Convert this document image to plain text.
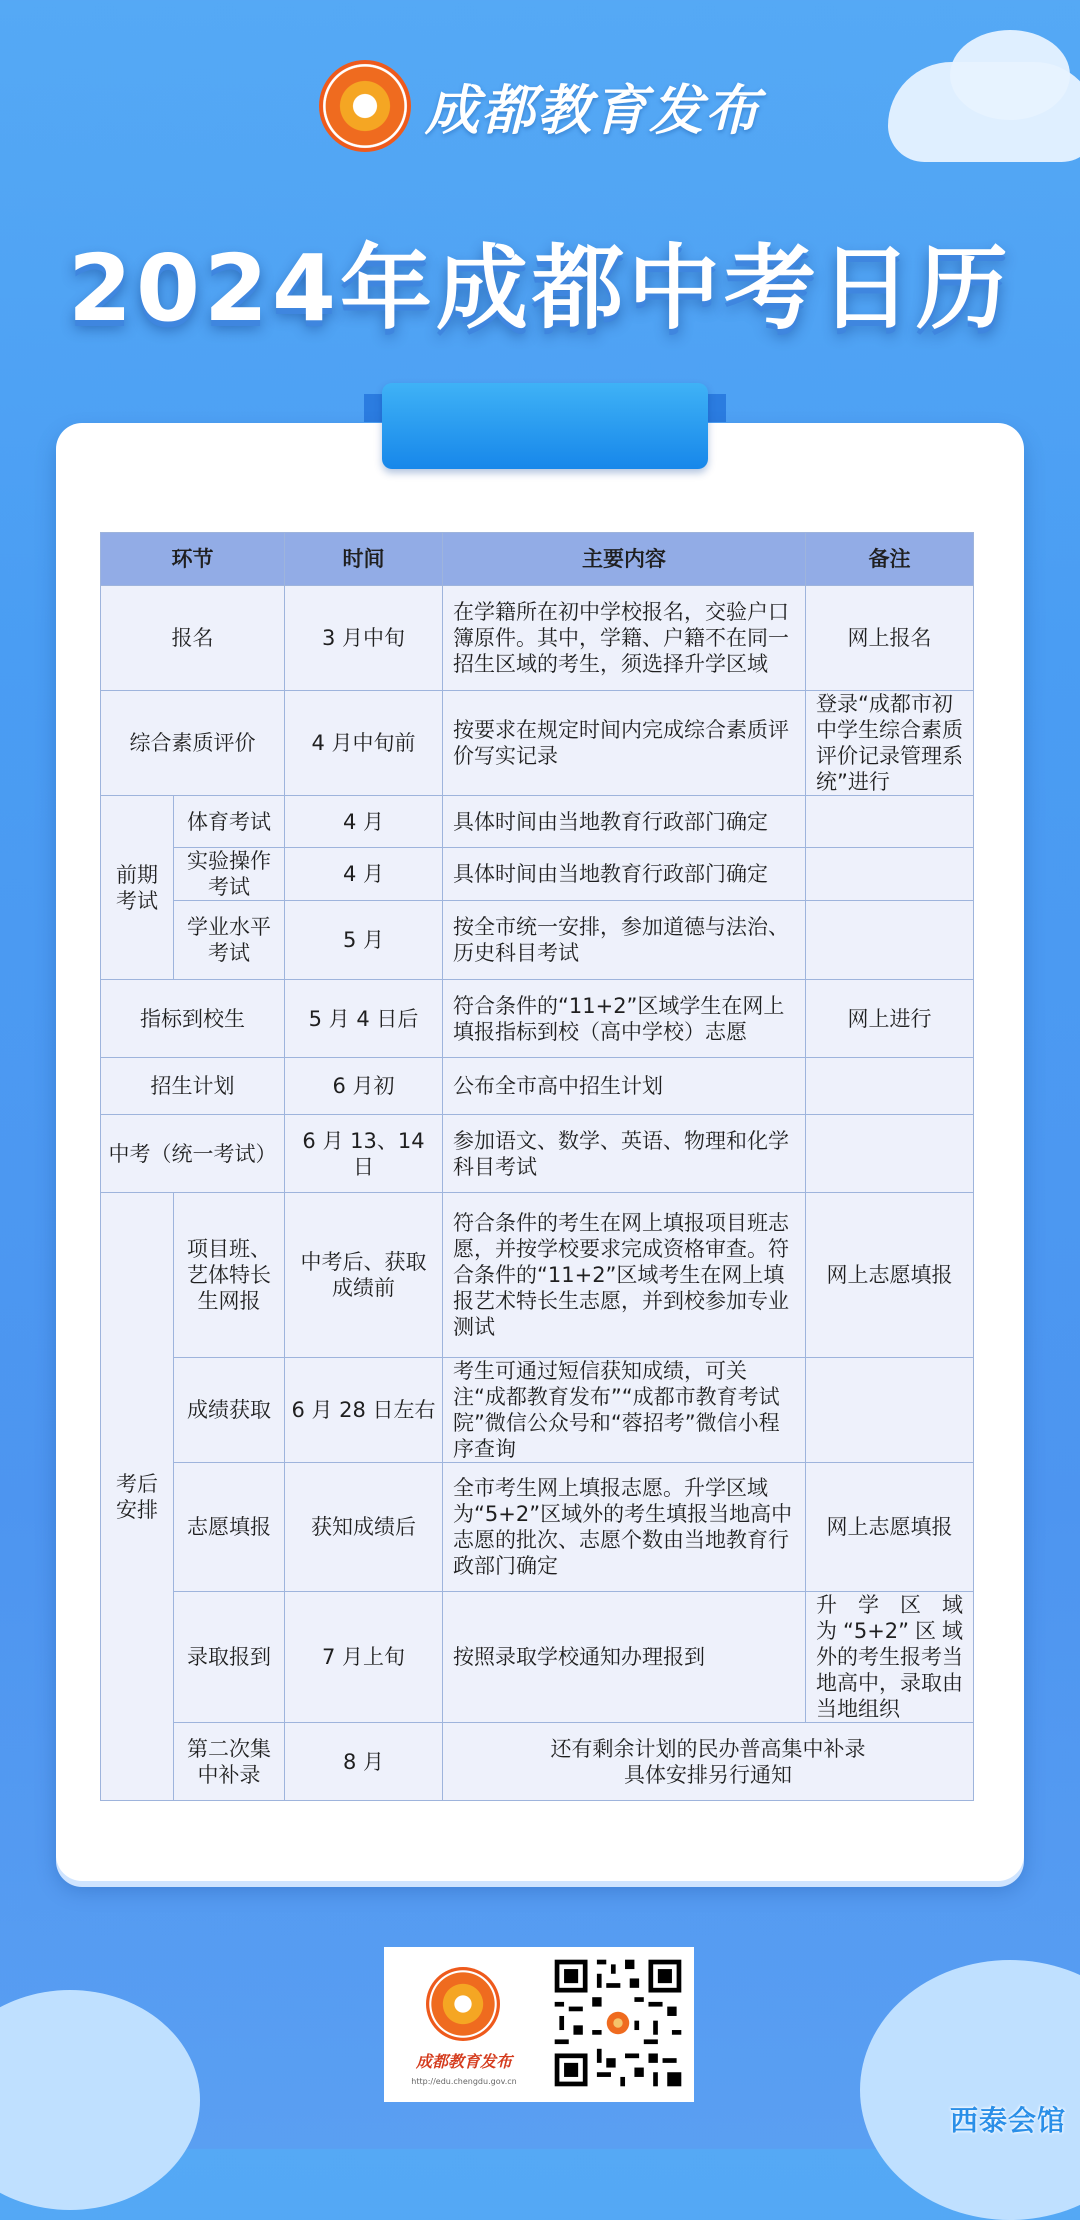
成都教育发布
2024年成都中考日历
环节		时间	主要内容	备注
报名		3 月中旬	在学籍所在初中学校报名，交验户口簿原件。其中，学籍、户籍不在同一招生区域的考生，须选择升学区域	网上报名
综合素质评价		4 月中旬前	按要求在规定时间内完成综合素质评价写实记录	登录“成都市初中学生综合素质评价记录管理系统”进行
前期考试	体育考试	4 月	具体时间由当地教育行政部门确定	
	实验操作考试	4 月	具体时间由当地教育行政部门确定	
	学业水平考试	5 月	按全市统一安排，参加道德与法治、历史科目考试	
指标到校生		5 月 4 日后	符合条件的“11+2”区域学生在网上填报指标到校（高中学校）志愿	网上进行
招生计划		6 月初	公布全市高中招生计划	
中考（统一考试）		6 月 13、14 日	参加语文、数学、英语、物理和化学科目考试	
考后安排	项目班、艺体特长生网报	中考后、获取成绩前	符合条件的考生在网上填报项目班志愿，并按学校要求完成资格审查。符合条件的“11+2”区域考生在网上填报艺术特长生志愿，并到校参加专业测试	网上志愿填报
	成绩获取	6 月 28 日左右	考生可通过短信获知成绩，可关注“成都教育发布”“成都市教育考试院”微信公众号和“蓉招考”微信小程序查询	
	志愿填报	获知成绩后	全市考生网上填报志愿。升学区域为“5+2”区域外的考生填报当地高中志愿的批次、志愿个数由当地教育行政部门确定	网上志愿填报
	录取报到	7 月上旬	按照录取学校通知办理报到	升学区域为“5+2”区域外的考生报考当地高中，录取由当地组织
	第二次集中补录	8 月	还有剩余计划的民办普高集中补录
具体安排另行通知	
成都教育发布
http://edu.chengdu.gov.cn
西泰会馆
